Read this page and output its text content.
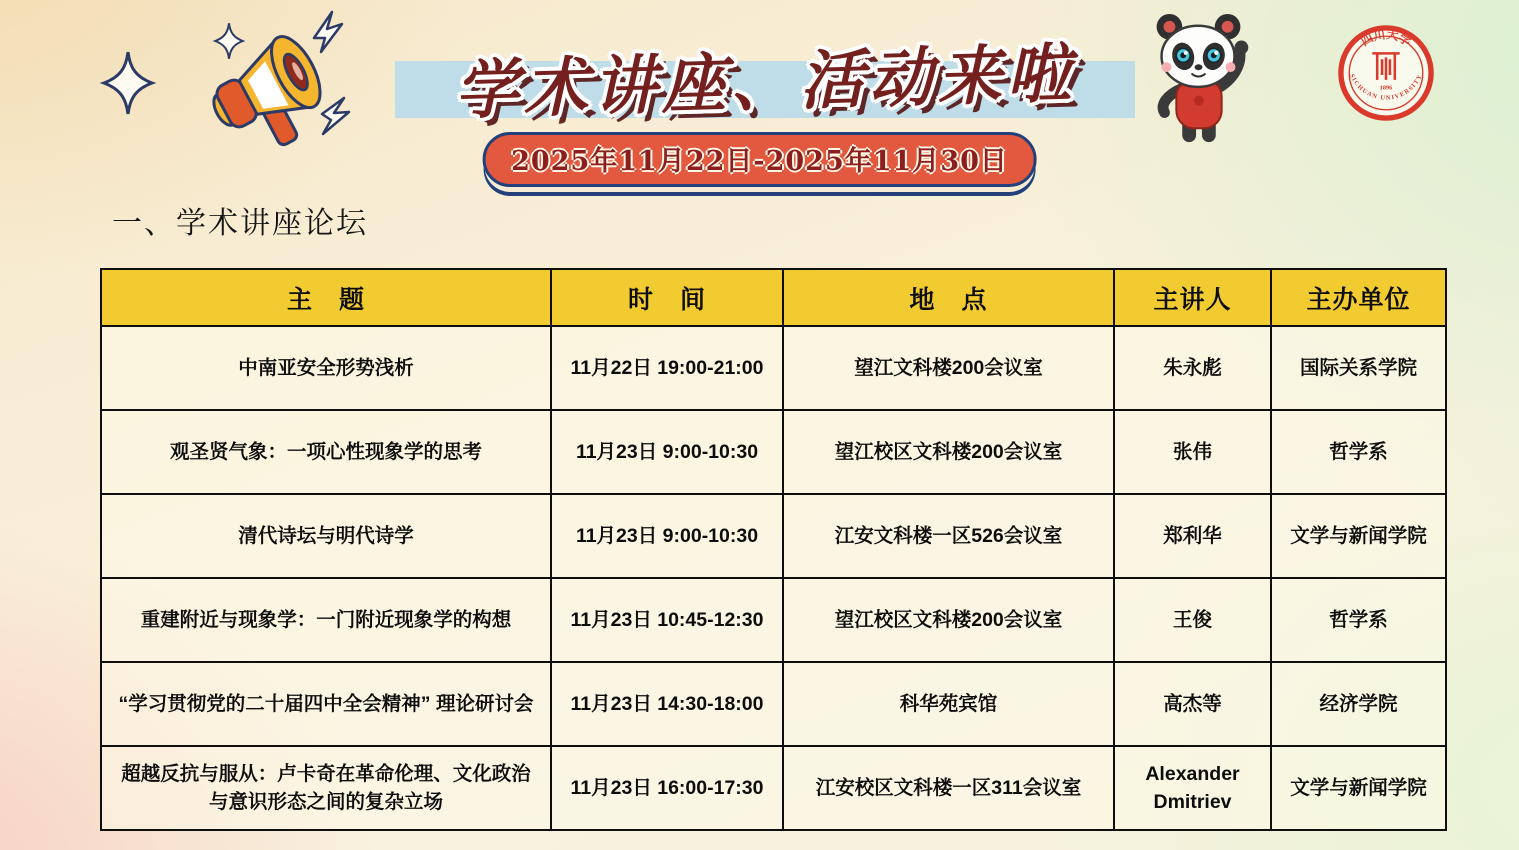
学术讲座、活动来啦
2025年11月22日-2025年11月30日
四川大学
SICHUAN UNIVERSITY
1896
一、学术讲座论坛
主　题	时　间	地　点	主讲人	主办单位
中南亚安全形势浅析	11月22日 19:00-21:00	望江文科楼200会议室	朱永彪	国际关系学院
观圣贤气象：一项心性现象学的思考	11月23日 9:00-10:30	望江校区文科楼200会议室	张伟	哲学系
清代诗坛与明代诗学	11月23日 9:00-10:30	江安文科楼一区526会议室	郑利华	文学与新闻学院
重建附近与现象学：一门附近现象学的构想	11月23日 10:45-12:30	望江校区文科楼200会议室	王俊	哲学系
“学习贯彻党的二十届四中全会精神” 理论研讨会	11月23日 14:30-18:00	科华苑宾馆	高杰等	经济学院
超越反抗与服从：卢卡奇在革命伦理、文化政治与意识形态之间的复杂立场	11月23日 16:00-17:30	江安校区文科楼一区311会议室	Alexander Dmitriev	文学与新闻学院
